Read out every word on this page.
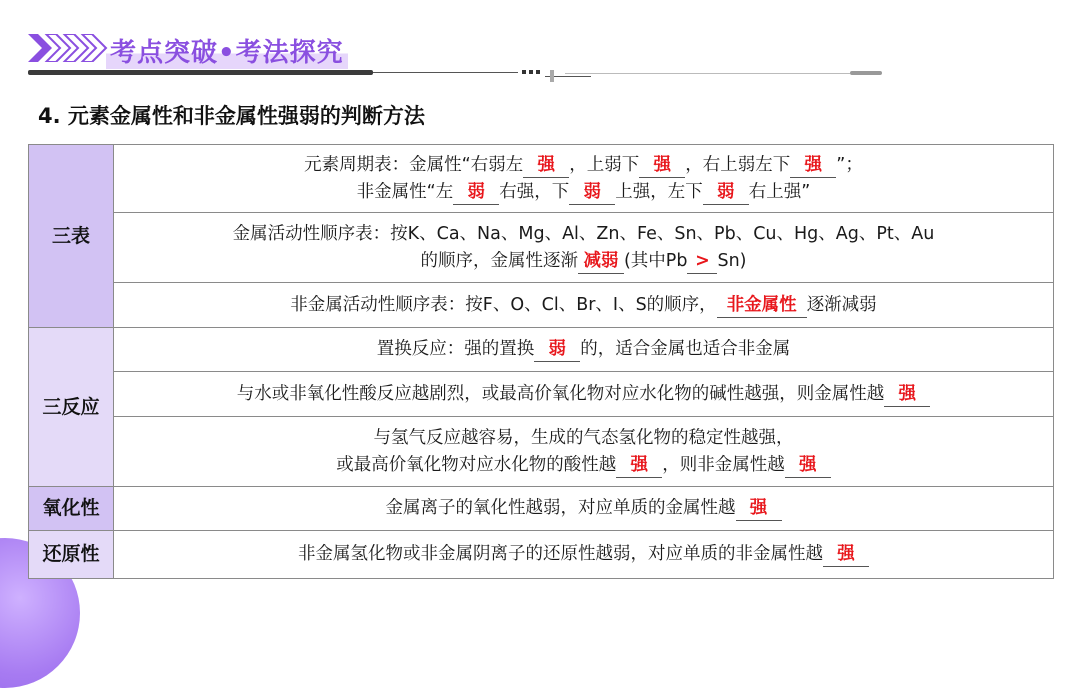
考点突破•考法探究
4. 元素金属性和非金属性强弱的判断方法
三表	元素周期表：金属性“右弱左 强 ，上弱下 强 ，右上弱左下 强 ”；
非金属性“左 弱 右强，下 弱 上强，左下 弱 右上强”
	金属活动性顺序表：按K、Ca、Na、Mg、Al、Zn、Fe、Sn、Pb、Cu、Hg、Ag、Pt、Au
的顺序，金属性逐渐 减弱 (其中Pb > Sn)
	非金属活动性顺序表：按F、O、Cl、Br、I、S的顺序， 非金属性 逐渐减弱
三反应	置换反应：强的置换 弱 的，适合金属也适合非金属
	与水或非氧化性酸反应越剧烈，或最高价氧化物对应水化物的碱性越强，则金属性越 强
	与氢气反应越容易，生成的气态氢化物的稳定性越强，
或最高价氧化物对应水化物的酸性越 强 ，则非金属性越 强
氧化性	金属离子的氧化性越弱，对应单质的金属性越 强
还原性	非金属氢化物或非金属阴离子的还原性越弱，对应单质的非金属性越 强
